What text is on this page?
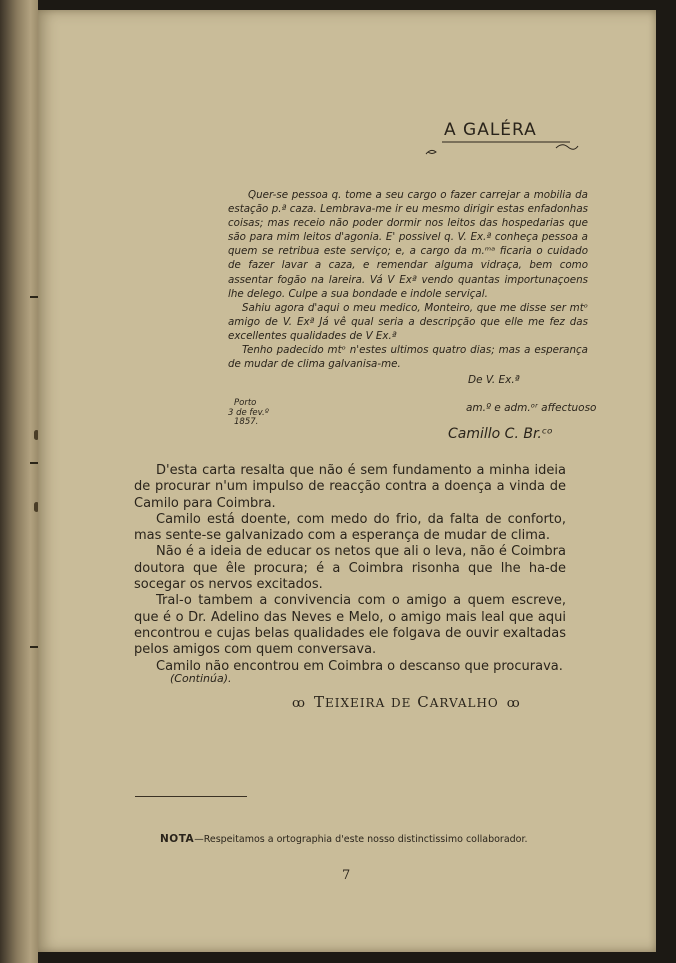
A GALÉRA

Quer-se pessoa q. tome a seu cargo o fazer carrejar a mobilia da estação p.ª caza. Lembrava-me ir eu mesmo dirigir estas enfadonhas coisas; mas receio não poder dormir nos leitos das hospedarias que são para mim leitos d'agonia. E' possivel q. V. Ex.ª conheça pessoa a quem se retribua este serviço; e, a cargo da m.ᵐᵃ ficaria o cuidado de fazer lavar a caza, e remendar alguma vidraça, bem como assentar fogão na lareira. Vá V Exª vendo quantas importunaçoens lhe delego. Culpe a sua bondade e indole serviçal.

Sahiu agora d'aqui o meu medico, Monteiro, que me disse ser mtᵒ amigo de V. Exª Já vê qual seria a descripção que elle me fez das excellentes qualidades de V Ex.ª

Tenho padecido mtᵒ n'estes ultimos quatro dias; mas a esperança de mudar de clima galvanisa-me.

De V. Ex.ª
Porto
3 de fev.º
1857.
am.º e adm.ᵒʳ affectuoso
Camillo C. Br.ᶜᵒ

D'esta carta resalta que não é sem fundamento a minha ideia de procurar n'um impulso de reacção contra a doença a vinda de Camilo para Coimbra.

Camilo está doente, com medo do frio, da falta de conforto, mas sente-se galvanizado com a esperança de mudar de clima.

Não é a ideia de educar os netos que ali o leva, não é Coimbra doutora que êle procura; é a Coimbra risonha que lhe ha-de socegar os nervos excitados.

Tral-o tambem a convivencia com o amigo a quem escreve, que é o Dr. Adelino das Neves e Melo, o amigo mais leal que aqui encontrou e cujas belas qualidades ele folgava de ouvir exaltadas pelos amigos com quem conversava.

Camilo não encontrou em Coimbra o descanso que procurava.

(Continúa).
ꝏ TEIXEIRA DE CARVALHO ꝏ
NOTA—Respeitamos a ortographia d'este nosso distinctissimo collaborador.
7
